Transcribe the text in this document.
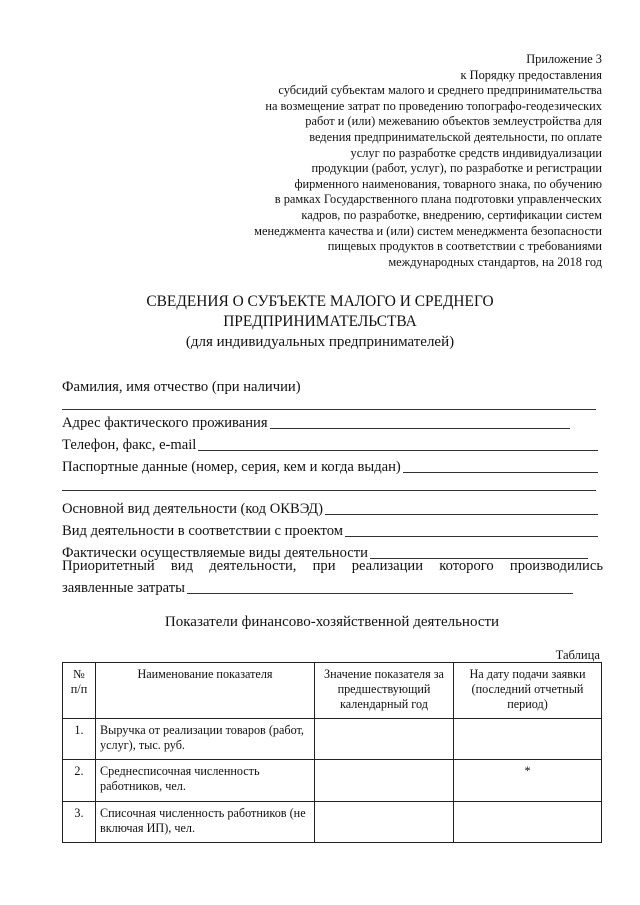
Приложение 3
к Порядку предоставления
субсидий субъектам малого и среднего предпринимательства
на возмещение затрат по проведению топографо-геодезических
работ и (или) межеванию объектов землеустройства для
ведения предпринимательской деятельности, по оплате
услуг по разработке средств индивидуализации
продукции (работ, услуг), по разработке и регистрации
фирменного наименования, товарного знака, по обучению
в рамках Государственного плана подготовки управленческих
кадров, по разработке, внедрению, сертификации систем
менеджмента качества и (или) систем менеджмента безопасности
пищевых продуктов в соответствии с требованиями
международных стандартов, на 2018 год
СВЕДЕНИЯ О СУБЪЕКТЕ МАЛОГО И СРЕДНЕГО
ПРЕДПРИНИМАТЕЛЬСТВА
(для индивидуальных предпринимателей)
Фамилия, имя отчество (при наличии)
Адрес фактического проживания
Телефон, факс, e-mail
Паспортные данные (номер, серия, кем и когда выдан)
Основной вид деятельности (код ОКВЭД)
Вид деятельности в соответствии с проектом
Фактически осуществляемые виды деятельности
Приоритетный вид деятельности, при реализации которого производились
заявленные затраты
Показатели финансово-хозяйственной деятельности
Таблица
№ п/п	Наименование показателя	Значение показателя за предшествующий календарный год	На дату подачи заявки (последний отчетный период)
1.	Выручка от реализации товаров (работ, услуг), тыс. руб.		
2.	Среднесписочная численность работников, чел.		*
3.	Списочная численность работников (не включая ИП), чел.		
